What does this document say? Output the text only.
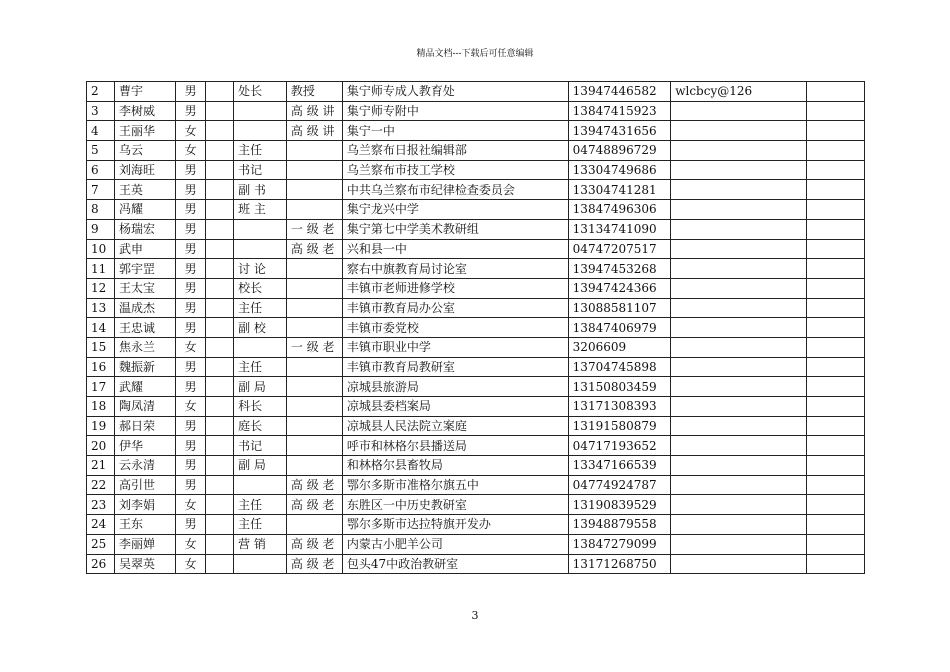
精品文档---下载后可任意编辑
2	曹宇	男		处长	教授	集宁师专成人教育处	13947446582	wlcbcy@126	
3	李树威	男			高 级 讲	集宁师专附中	13847415923		
4	王丽华	女			高 级 讲	集宁一中	13947431656		
5	乌云	女		主任		乌兰察布日报社编辑部	04748896729		
6	刘海旺	男		书记		乌兰察布市技工学校	13304749686		
7	王英	男		副 书		中共乌兰察布市纪律检查委员会	13304741281		
8	冯耀	男		班 主		集宁龙兴中学	13847496306		
9	杨瑞宏	男			一 级 老	集宁第七中学美术教研组	13134741090		
10	武申	男			高 级 老	兴和县一中	04747207517		
11	郭宇罡	男		讨 论		察右中旗教育局讨论室	13947453268		
12	王太宝	男		校长		丰镇市老师进修学校	13947424366		
13	温成杰	男		主任		丰镇市教育局办公室	13088581107		
14	王忠诚	男		副 校		丰镇市委党校	13847406979		
15	焦永兰	女			一 级 老	丰镇市职业中学	3206609		
16	魏振新	男		主任		丰镇市教育局教研室	13704745898		
17	武耀	男		副 局		凉城县旅游局	13150803459		
18	陶凤清	女		科长		凉城县委档案局	13171308393		
19	郝日荣	男		庭长		凉城县人民法院立案庭	13191580879		
20	伊华	男		书记		呼市和林格尔县播送局	04717193652		
21	云永清	男		副 局		和林格尔县畜牧局	13347166539		
22	高引世	男			高 级 老	鄂尔多斯市准格尔旗五中	04774924787		
23	刘李娟	女		主任	高 级 老	东胜区一中历史教研室	13190839529		
24	王东	男		主任		鄂尔多斯市达拉特旗开发办	13948879558		
25	李丽婵	女		营 销	高 级 老	内蒙古小肥羊公司	13847279099		
26	吴翠英	女			高 级 老	包头47中政治教研室	13171268750		
3
